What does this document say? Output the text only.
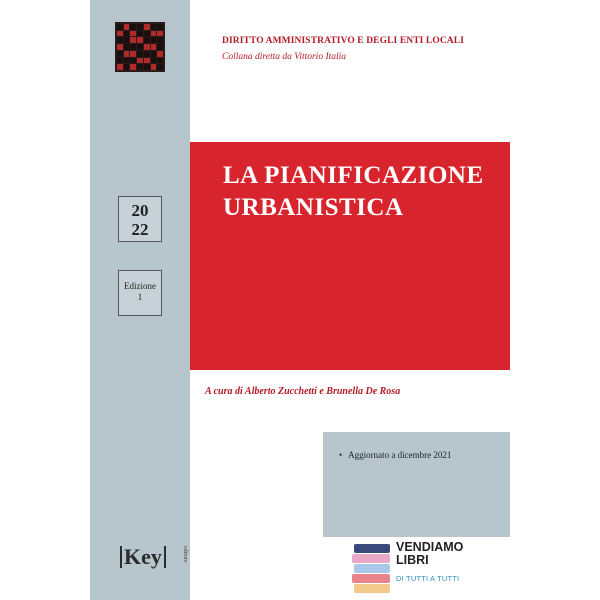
20
22
Edizione
1
Key	editore
DIRITTO AMMINISTRATIVO E DEGLI ENTI LOCALI
Collana diretta da Vittorio Italia
LA PIANIFICAZIONE
URBANISTICA
A cura di Alberto Zucchetti e Brunella De Rosa
• Aggiornato a dicembre 2021
VENDIAMO
LIBRI
DI TUTTI A TUTTI
